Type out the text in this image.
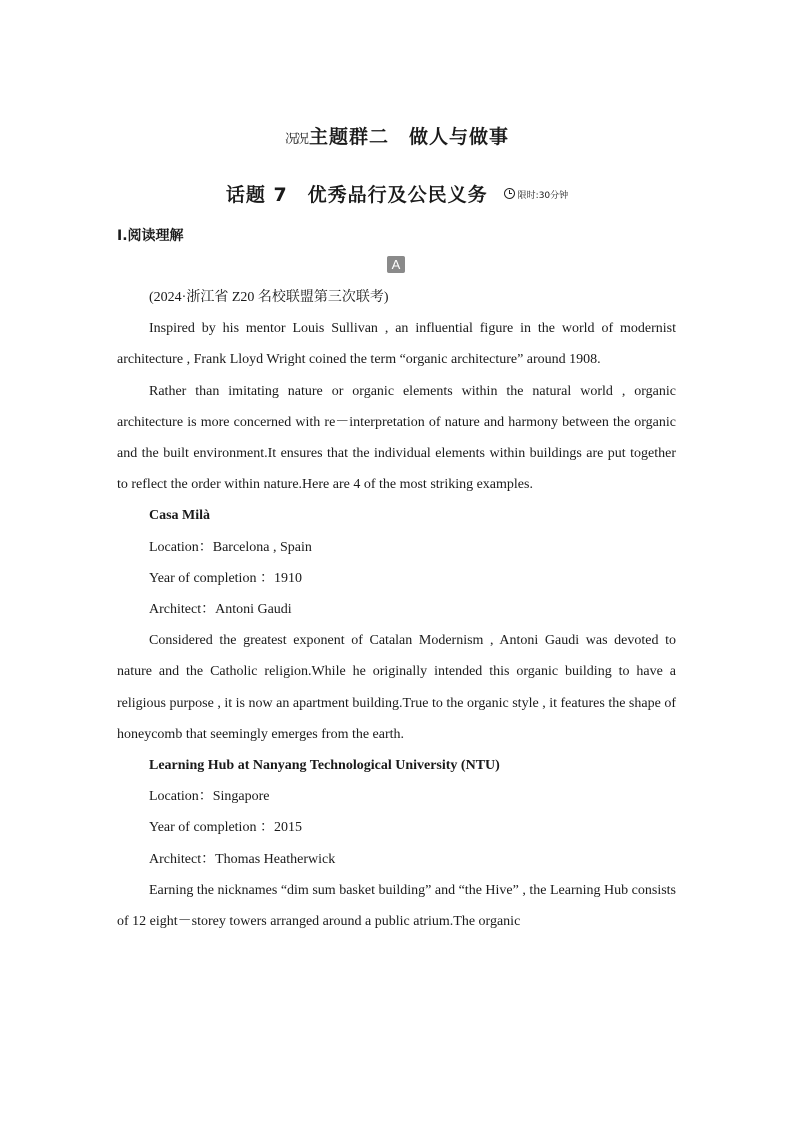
况况 主题群二　做人与做事
话题 7　优秀品行及公民义务	限时:30分钟
Ⅰ.阅读理解
A
(2024·浙江省 Z20 名校联盟第三次联考)

Inspired by his mentor Louis Sullivan , an influential figure in the world of modernist architecture , Frank Lloyd Wright coined the term “organic architecture” around 1908.

Rather than imitating nature or organic elements within the natural world , organic architecture is more concerned with re－interpretation of nature and harmony between the organic and the built environment.It ensures that the individual elements within buildings are put together to reflect the order within nature.Here are 4 of the most striking examples.

Casa Milà
Location：Barcelona , Spain
Year of completion ：1910
Architect：Antoni Gaudi

Considered the greatest exponent of Catalan Modernism , Antoni Gaudi was devoted to nature and the Catholic religion.While he originally intended this organic building to have a religious purpose , it is now an apartment building.True to the organic style , it features the shape of honeycomb that seemingly emerges from the earth.

Learning Hub at Nanyang Technological University (NTU)
Location：Singapore
Year of completion ：2015
Architect：Thomas Heatherwick

Earning the nicknames “dim sum basket building” and “the Hive” , the Learning Hub consists of 12 eight－storey towers arranged around a public atrium.The organic
